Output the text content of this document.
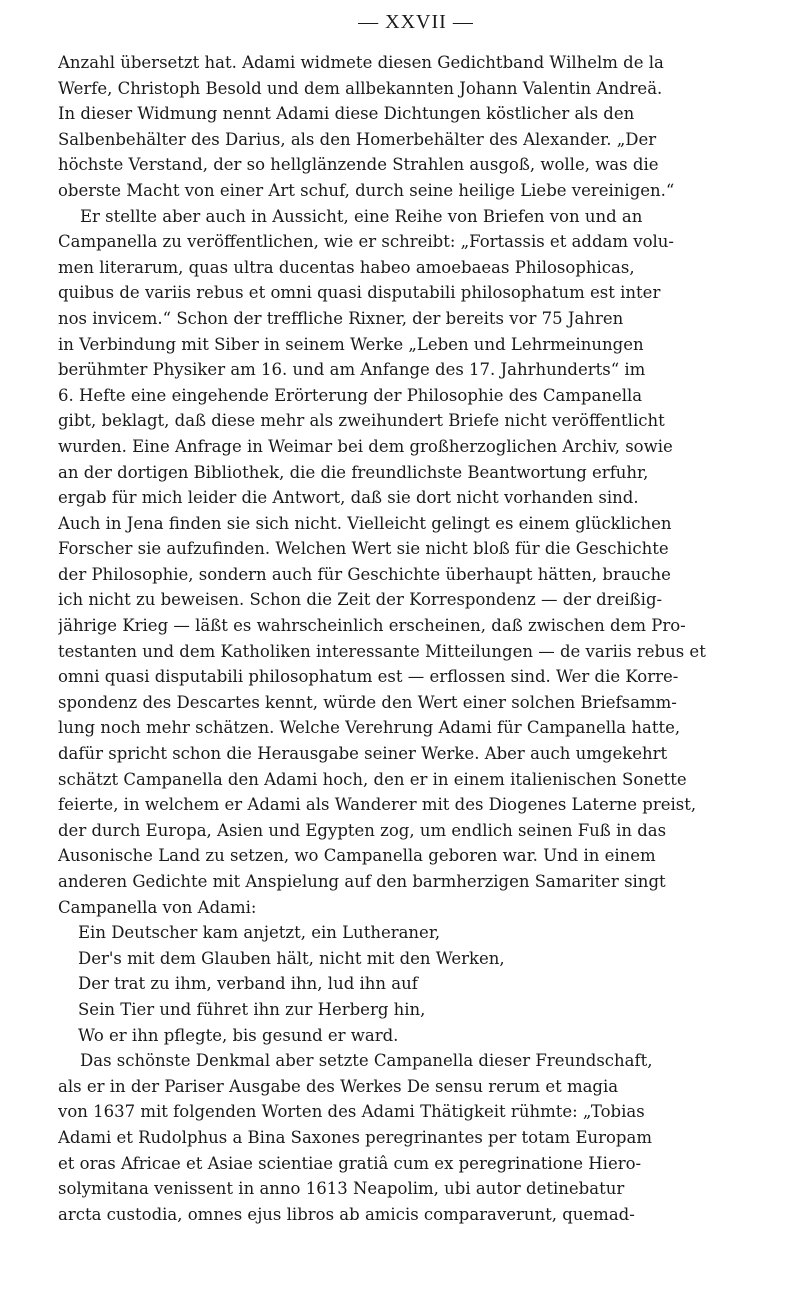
— XXVII —
Anzahl übersetzt hat. Adami widmete diesen Gedichtband Wilhelm de la
Werfe, Christoph Besold und dem allbekannten Johann Valentin Andreä.
In dieser Widmung nennt Adami diese Dichtungen köstlicher als den
Salbenbehälter des Darius, als den Homerbehälter des Alexander. „Der
höchste Verstand, der so hellglänzende Strahlen ausgoß, wolle, was die
oberste Macht von einer Art schuf, durch seine heilige Liebe vereinigen.“
Er stellte aber auch in Aussicht, eine Reihe von Briefen von und an
Campanella zu veröffentlichen, wie er schreibt: „Fortassis et addam volu-
men literarum, quas ultra ducentas habeo amoebaeas Philosophicas,
quibus de variis rebus et omni quasi disputabili philosophatum est inter
nos invicem.“ Schon der treffliche Rixner, der bereits vor 75 Jahren
in Verbindung mit Siber in seinem Werke „Leben und Lehrmeinungen
berühmter Physiker am 16. und am Anfange des 17. Jahrhunderts“ im
6. Hefte eine eingehende Erörterung der Philosophie des Campanella
gibt, beklagt, daß diese mehr als zweihundert Briefe nicht veröffentlicht
wurden. Eine Anfrage in Weimar bei dem großherzoglichen Archiv, sowie
an der dortigen Bibliothek, die die freundlichste Beantwortung erfuhr,
ergab für mich leider die Antwort, daß sie dort nicht vorhanden sind.
Auch in Jena finden sie sich nicht. Vielleicht gelingt es einem glücklichen
Forscher sie aufzufinden. Welchen Wert sie nicht bloß für die Geschichte
der Philosophie, sondern auch für Geschichte überhaupt hätten, brauche
ich nicht zu beweisen. Schon die Zeit der Korrespondenz — der dreißig-
jährige Krieg — läßt es wahrscheinlich erscheinen, daß zwischen dem Pro-
testanten und dem Katholiken interessante Mitteilungen — de variis rebus et
omni quasi disputabili philosophatum est — erflossen sind. Wer die Korre-
spondenz des Descartes kennt, würde den Wert einer solchen Briefsamm-
lung noch mehr schätzen. Welche Verehrung Adami für Campanella hatte,
dafür spricht schon die Herausgabe seiner Werke. Aber auch umgekehrt
schätzt Campanella den Adami hoch, den er in einem italienischen Sonette
feierte, in welchem er Adami als Wanderer mit des Diogenes Laterne preist,
der durch Europa, Asien und Egypten zog, um endlich seinen Fuß in das
Ausonische Land zu setzen, wo Campanella geboren war. Und in einem
anderen Gedichte mit Anspielung auf den barmherzigen Samariter singt
Campanella von Adami:
Ein Deutscher kam anjetzt, ein Lutheraner,
Der's mit dem Glauben hält, nicht mit den Werken,
Der trat zu ihm, verband ihn, lud ihn auf
Sein Tier und führet ihn zur Herberg hin,
Wo er ihn pflegte, bis gesund er ward.
Das schönste Denkmal aber setzte Campanella dieser Freundschaft,
als er in der Pariser Ausgabe des Werkes De sensu rerum et magia
von 1637 mit folgenden Worten des Adami Thätigkeit rühmte: „Tobias
Adami et Rudolphus a Bina Saxones peregrinantes per totam Europam
et oras Africae et Asiae scientiae gratiâ cum ex peregrinatione Hiero-
solymitana venissent in anno 1613 Neapolim, ubi autor detinebatur
arcta custodia, omnes ejus libros ab amicis comparaverunt, quemad-
